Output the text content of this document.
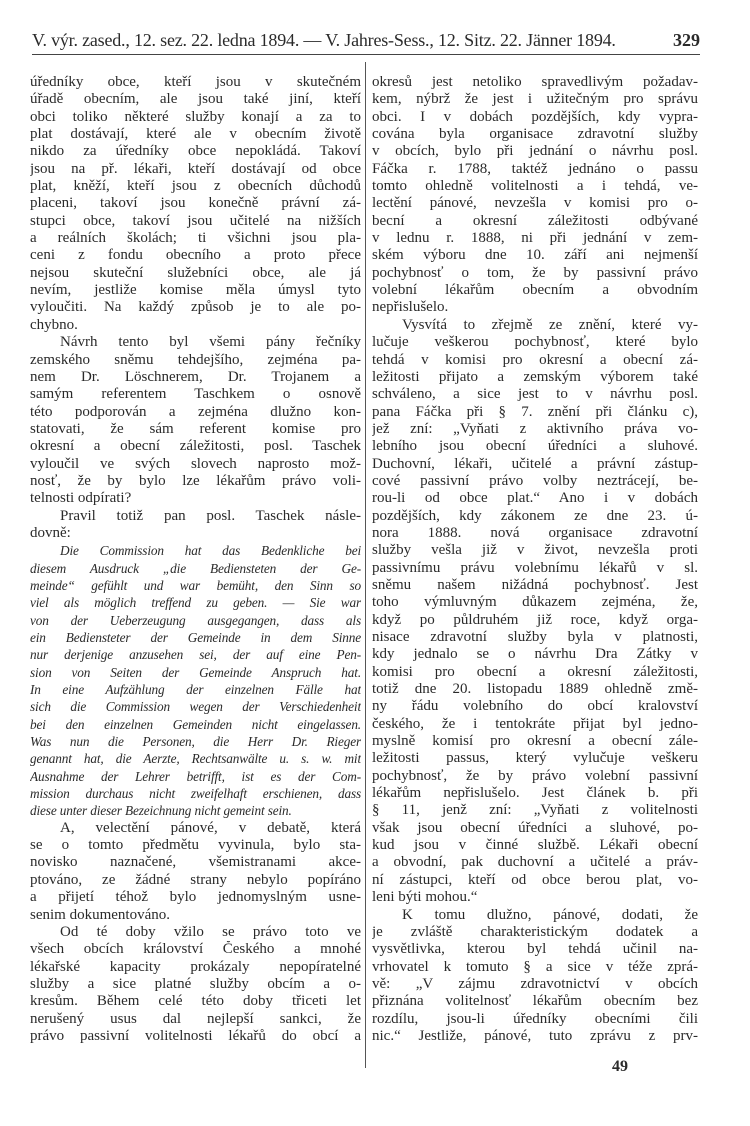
V. výr. zased., 12. sez. 22. ledna 1894. — V. Jahres-Sess., 12. Sitz. 22. Jänner 1894.	329
úředníky obce, kteří jsou v skutečném
úřadě obecním, ale jsou také jiní, kteří
obci toliko některé služby konají a za to
plat dostávají, které ale v obecním životě
nikdo za úředníky obce nepokládá. Takoví
jsou na př. lékaři, kteří dostávají od obce
plat, kněží, kteří jsou z obecních důchodů
placeni, takoví jsou konečně právní zá-
stupci obce, takoví jsou učitelé na nižších
a reálních školách; ti všichni jsou pla-
ceni z fondu obecního a proto přece
nejsou skuteční služebníci obce, ale já
nevím, jestliže komise měla úmysl tyto
vyloučiti. Na každý způsob je to ale po-
chybno.
Návrh tento byl všemi pány řečníky
zemského sněmu tehdejšího, zejména pa-
nem Dr. Löschnerem, Dr. Trojanem a
samým referentem Taschkem o osnově
této podporován a zejména dlužno kon-
statovati, že sám referent komise pro
okresní a obecní záležitosti, posl. Taschek
vyloučil ve svých slovech naprosto mož-
nosť, že by bylo lze lékařům právo voli-
telnosti odpírati?
Pravil totiž pan posl. Taschek násle-
dovně:
Die Commission hat das Bedenkliche bei
diesem Ausdruck „die Bediensteten der Ge-
meinde“ gefühlt und war bemüht, den Sinn so
viel als möglich treffend zu geben. — Sie war
von der Ueberzeugung ausgegangen, dass als
ein Bediensteter der Gemeinde in dem Sinne
nur derjenige anzusehen sei, der auf eine Pen-
sion von Seiten der Gemeinde Anspruch hat.
In eine Aufzählung der einzelnen Fälle hat
sich die Commission wegen der Verschiedenheit
bei den einzelnen Gemeinden nicht eingelassen.
Was nun die Personen, die Herr Dr. Rieger
genannt hat, die Aerzte, Rechtsanwälte u. s. w. mit
Ausnahme der Lehrer betrifft, ist es der Com-
mission durchaus nicht zweifelhaft erschienen, dass
diese unter dieser Bezeichnung nicht gemeint sein.
A, velectění pánové, v debatě, která
se o tomto předmětu vyvinula, bylo sta-
novisko naznačené, všemistranami akce-
ptováno, ze žádné strany nebylo popíráno
a přijetí téhož bylo jednomyslným usne-
senim dokumentováno.
Od té doby vžilo se právo toto ve
všech obcích království Českého a mnohé
lékařské kapacity prokázaly nepopíratelné
služby a sice platné služby obcím a o-
kresům. Během celé této doby třiceti let
nerušený usus dal nejlepší sankci, že
právo passivní volitelnosti lékařů do obcí a
okresů jest netoliko spravedlivým požadav-
kem, nýbrž že jest i užitečným pro správu
obci. I v dobách pozdějších, kdy vypra-
cována byla organisace zdravotní služby
v obcích, bylo při jednání o návrhu posl.
Fáčka r. 1788, taktéž jednáno o passu
tomto ohledně volitelnosti a i tehdá, ve-
lectění pánové, nevzešla v komisi pro o-
becní a okresní záležitosti odbývané
v lednu r. 1888, ni při jednání v zem-
ském výboru dne 10. září ani nejmenší
pochybnosť o tom, že by passivní právo
volební lékařům obecním a obvodním
nepřislušelo.
Vysvítá to zřejmě ze znění, které vy-
lučuje veškerou pochybnosť, které bylo
tehdá v komisi pro okresní a obecní zá-
ležitosti přijato a zemským výborem také
schváleno, a sice jest to v návrhu posl.
pana Fáčka při § 7. znění při článku c),
jež zní: „Vyňati z aktivního práva vo-
lebního jsou obecní úředníci a sluhové.
Duchovní, lékaři, učitelé a právní zástup-
cové passivní právo volby neztrácejí, be-
rou-li od obce plat.“ Ano i v dobách
pozdějších, kdy zákonem ze dne 23. ú-
nora 1888. nová organisace zdravotní
služby vešla již v život, nevzešla proti
passivnímu právu volebnímu lékařů v sl.
sněmu našem nižádná pochybnosť. Jest
toho výmluvným důkazem zejména, že,
když po půldruhém již roce, když orga-
nisace zdravotní služby byla v platnosti,
kdy jednalo se o návrhu Dra Zátky v
komisi pro obecní a okresní záležitosti,
totiž dne 20. listopadu 1889 ohledně změ-
ny řádu volebního do obcí kralovství
českého, že i tentokráte přijat byl jedno-
myslně komisí pro okresní a obecní zále-
ležitosti passus, který vylučuje veškeru
pochybnosť, že by právo volební passivní
lékařům nepřislušelo. Jest článek b. při
§ 11, jenž zní: „Vyňati z volitelnosti
však jsou obecní úředníci a sluhové, po-
kud jsou v činné službě. Lékaři obecní
a obvodní, pak duchovní a učitelé a práv-
ní zástupci, kteří od obce berou plat, vo-
leni býti mohou.“
K tomu dlužno, pánové, dodati, že
je zvláště charakteristickým dodatek a
vysvětlivka, kterou byl tehdá učinil na-
vrhovatel k tomuto § a sice v téže zprá-
vě: „V zájmu zdravotnictví v obcích
přiznána volitelnosť lékařům obecním bez
rozdílu, jsou-li úředníky obecními čili
nic.“ Jestliže, pánové, tuto zprávu z prv-
49
